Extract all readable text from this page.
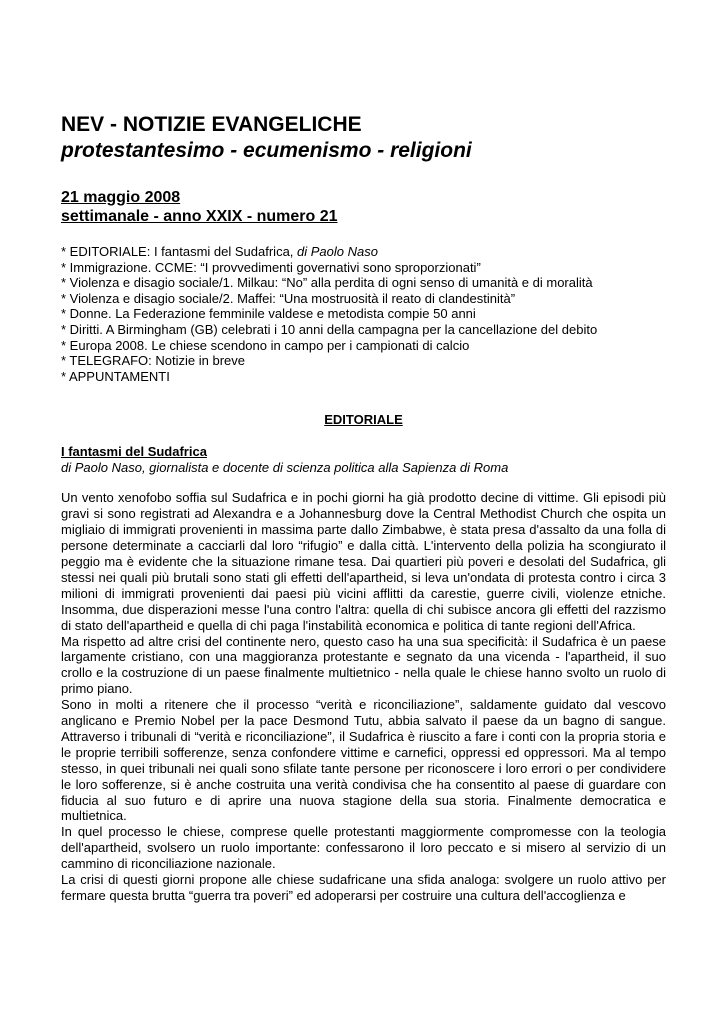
NEV - NOTIZIE EVANGELICHE
protestantesimo - ecumenismo - religioni
21 maggio 2008
settimanale - anno XXIX - numero 21
* EDITORIALE: I fantasmi del Sudafrica, di Paolo Naso
* Immigrazione. CCME: “I provvedimenti governativi sono sproporzionati”
* Violenza e disagio sociale/1. Milkau: “No” alla perdita di ogni senso di umanità e di moralità
* Violenza e disagio sociale/2. Maffei: “Una mostruosità il reato di clandestinità”
* Donne. La Federazione femminile valdese e metodista compie 50 anni
* Diritti. A Birmingham (GB) celebrati i 10 anni della campagna per la cancellazione del debito
* Europa 2008. Le chiese scendono in campo per i campionati di calcio
* TELEGRAFO: Notizie in breve
* APPUNTAMENTI
EDITORIALE
I fantasmi del Sudafrica
di Paolo Naso, giornalista e docente di scienza politica alla Sapienza di Roma

Un vento xenofobo soffia sul Sudafrica e in pochi giorni ha già prodotto decine di vittime. Gli episodi più gravi si sono registrati ad Alexandra e a Johannesburg dove la Central Methodist Church che ospita un migliaio di immigrati provenienti in massima parte dallo Zimbabwe, è stata presa d'assalto da una folla di persone determinate a cacciarli dal loro “rifugio” e dalla città. L'intervento della polizia ha scongiurato il peggio ma è evidente che la situazione rimane tesa. Dai quartieri più poveri e desolati del Sudafrica, gli stessi nei quali più brutali sono stati gli effetti dell'apartheid, si leva un'ondata di protesta contro i circa 3 milioni di immigrati provenienti dai paesi più vicini afflitti da carestie, guerre civili, violenze etniche. Insomma, due disperazioni messe l'una contro l'altra: quella di chi subisce ancora gli effetti del razzismo di stato dell'apartheid e quella di chi paga l'instabilità economica e politica di tante regioni dell'Africa.

Ma rispetto ad altre crisi del continente nero, questo caso ha una sua specificità: il Sudafrica è un paese largamente cristiano, con una maggioranza protestante e segnato da una vicenda - l'apartheid, il suo crollo e la costruzione di un paese finalmente multietnico - nella quale le chiese hanno svolto un ruolo di primo piano.

Sono in molti a ritenere che il processo “verità e riconciliazione”, saldamente guidato dal vescovo anglicano e Premio Nobel per la pace Desmond Tutu, abbia salvato il paese da un bagno di sangue. Attraverso i tribunali di “verità e riconciliazione”, il Sudafrica è riuscito a fare i conti con la propria storia e le proprie terribili sofferenze, senza confondere vittime e carnefici, oppressi ed oppressori. Ma al tempo stesso, in quei tribunali nei quali sono sfilate tante persone per riconoscere i loro errori o per condividere le loro sofferenze, si è anche costruita una verità condivisa che ha consentito al paese di guardare con fiducia al suo futuro e di aprire una nuova stagione della sua storia. Finalmente democratica e multietnica.

In quel processo le chiese, comprese quelle protestanti maggiormente compromesse con la teologia dell'apartheid, svolsero un ruolo importante: confessarono il loro peccato e si misero al servizio di un cammino di riconciliazione nazionale.

La crisi di questi giorni propone alle chiese sudafricane una sfida analoga: svolgere un ruolo attivo per fermare questa brutta “guerra tra poveri” ed adoperarsi per costruire una cultura dell'accoglienza e
